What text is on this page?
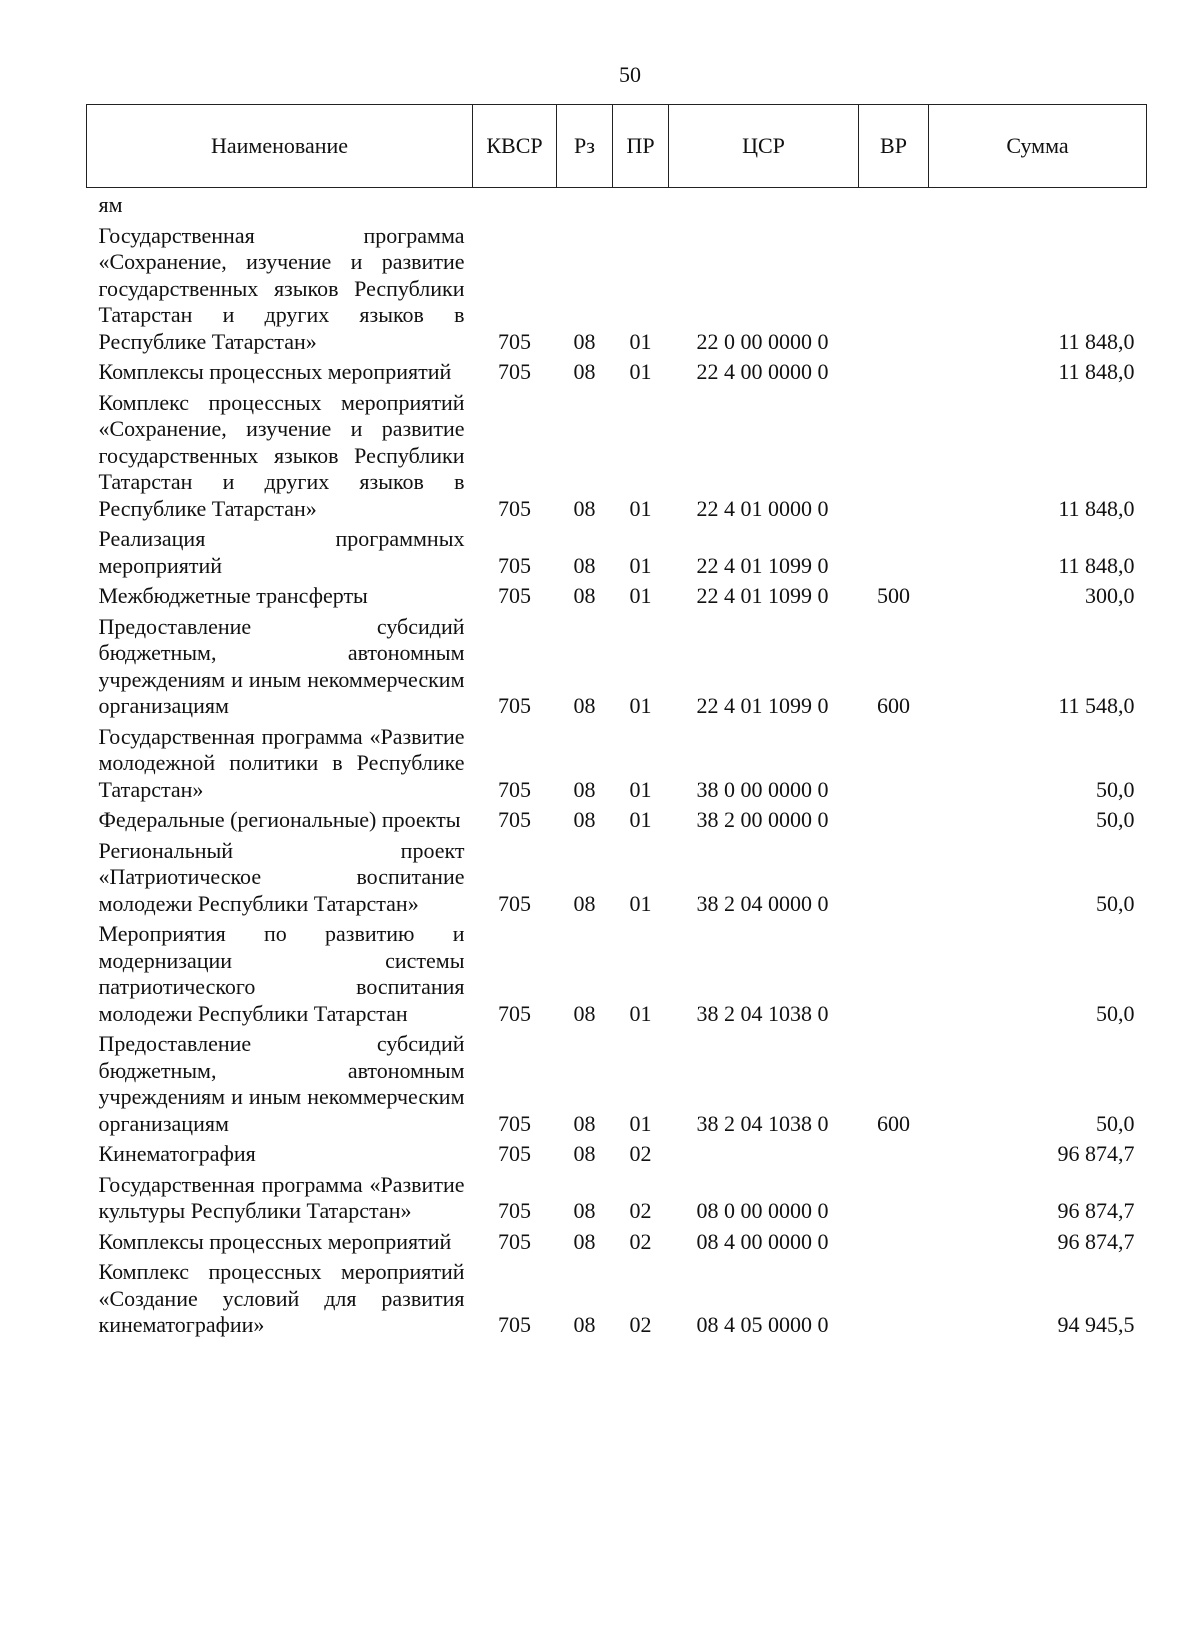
50
Наименование	КВСР	Рз	ПР	ЦСР	ВР	Сумма
ям						
Государственная программа «Сохранение, изучение и развитие государственных языков Республики Татарстан и других языков в Республике Татарстан»	705	08	01	22 0 00 0000 0		11 848,0
Комплексы процессных мероприятий	705	08	01	22 4 00 0000 0		11 848,0
Комплекс процессных мероприятий «Сохранение, изучение и развитие государственных языков Республики Татарстан и других языков в Республике Татарстан»	705	08	01	22 4 01 0000 0		11 848,0
Реализация программных мероприятий	705	08	01	22 4 01 1099 0		11 848,0
Межбюджетные трансферты	705	08	01	22 4 01 1099 0	500	300,0
Предоставление субсидий бюджетным, автономным учреждениям и иным некоммерческим организациям	705	08	01	22 4 01 1099 0	600	11 548,0
Государственная программа «Развитие молодежной политики в Республике Татарстан»	705	08	01	38 0 00 0000 0		50,0
Федеральные (региональные) проекты	705	08	01	38 2 00 0000 0		50,0
Региональный проект «Патриотическое воспитание молодежи Республики Татарстан»	705	08	01	38 2 04 0000 0		50,0
Мероприятия по развитию и модернизации системы патриотического воспитания молодежи Республики Татарстан	705	08	01	38 2 04 1038 0		50,0
Предоставление субсидий бюджетным, автономным учреждениям и иным некоммерческим организациям	705	08	01	38 2 04 1038 0	600	50,0
Кинематография	705	08	02			96 874,7
Государственная программа «Развитие культуры Республики Татарстан»	705	08	02	08 0 00 0000 0		96 874,7
Комплексы процессных мероприятий	705	08	02	08 4 00 0000 0		96 874,7
Комплекс процессных мероприятий «Создание условий для развития кинематографии»	705	08	02	08 4 05 0000 0		94 945,5
